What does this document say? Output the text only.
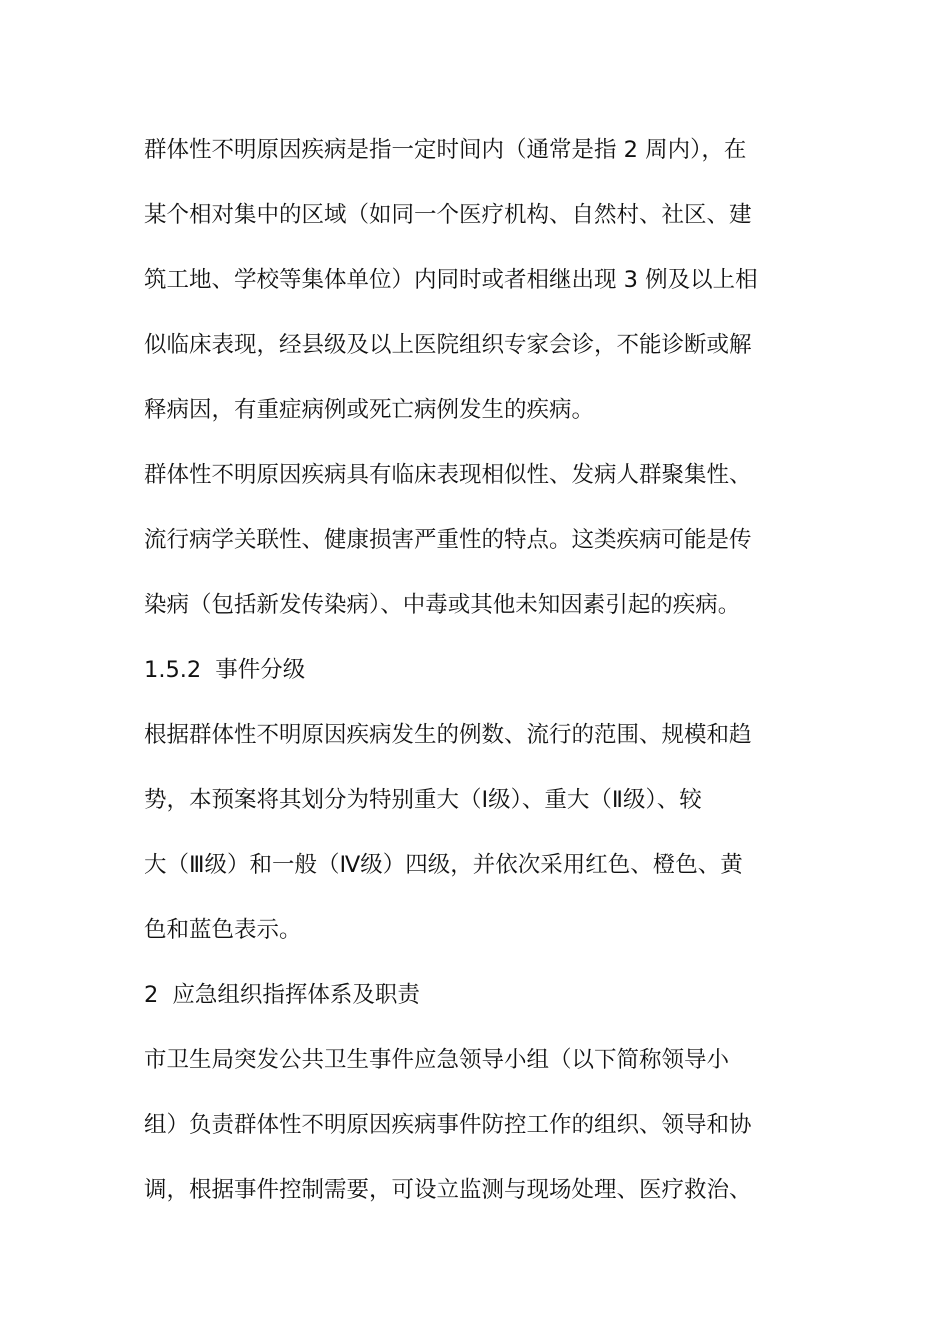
群体性不明原因疾病是指一定时间内（通常是指 2 周内），在
某个相对集中的区域（如同一个医疗机构、自然村、社区、建
筑工地、学校等集体单位）内同时或者相继出现 3 例及以上相
似临床表现，经县级及以上医院组织专家会诊，不能诊断或解
释病因，有重症病例或死亡病例发生的疾病。
群体性不明原因疾病具有临床表现相似性、发病人群聚集性、
流行病学关联性、健康损害严重性的特点。这类疾病可能是传
染病（包括新发传染病）、中毒或其他未知因素引起的疾病。
1.5.2 事件分级
根据群体性不明原因疾病发生的例数、流行的范围、规模和趋
势，本预案将其划分为特别重大（Ⅰ级）、重大（Ⅱ级）、较
大（Ⅲ级）和一般（Ⅳ级）四级，并依次采用红色、橙色、黄
色和蓝色表示。
2 应急组织指挥体系及职责
市卫生局突发公共卫生事件应急领导小组（以下简称领导小
组）负责群体性不明原因疾病事件防控工作的组织、领导和协
调，根据事件控制需要，可设立监测与现场处理、医疗救治、
